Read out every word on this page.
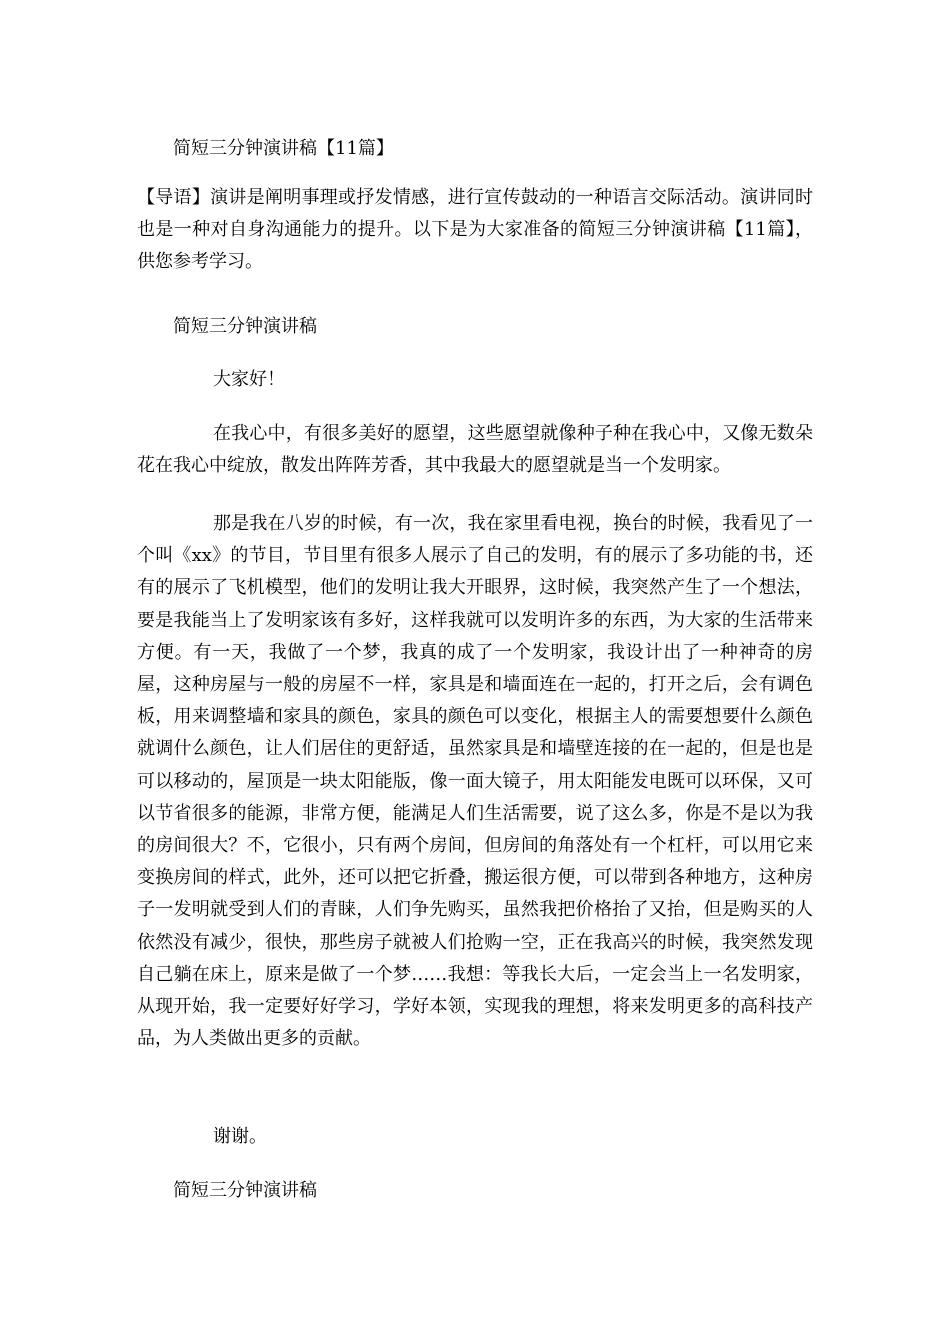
简短三分钟演讲稿【11篇】

【导语】演讲是阐明事理或抒发情感，进行宣传鼓动的一种语言交际活动。演讲同时也是一种对自身沟通能力的提升。以下是为大家准备的简短三分钟演讲稿【11篇】，供您参考学习。

简短三分钟演讲稿

大家好！

在我心中，有很多美好的愿望，这些愿望就像种子种在我心中，又像无数朵花在我心中绽放，散发出阵阵芳香，其中我最大的愿望就是当一个发明家。

那是我在八岁的时候，有一次，我在家里看电视，换台的时候，我看见了一个叫《xx》的节目，节目里有很多人展示了自己的发明，有的展示了多功能的书，还有的展示了飞机模型，他们的发明让我大开眼界，这时候，我突然产生了一个想法，要是我能当上了发明家该有多好，这样我就可以发明许多的东西，为大家的生活带来方便。有一天，我做了一个梦，我真的成了一个发明家，我设计出了一种神奇的房屋，这种房屋与一般的房屋不一样，家具是和墙面连在一起的，打开之后，会有调色板，用来调整墙和家具的颜色，家具的颜色可以变化，根据主人的需要想要什么颜色就调什么颜色，让人们居住的更舒适，虽然家具是和墙壁连接的在一起的，但是也是可以移动的，屋顶是一块太阳能版，像一面大镜子，用太阳能发电既可以环保，又可以节省很多的能源，非常方便，能满足人们生活需要，说了这么多，你是不是以为我的房间很大？不，它很小，只有两个房间，但房间的角落处有一个杠杆，可以用它来变换房间的样式，此外，还可以把它折叠，搬运很方便，可以带到各种地方，这种房子一发明就受到人们的青睐，人们争先购买，虽然我把价格抬了又抬，但是购买的人依然没有减少，很快，那些房子就被人们抢购一空，正在我高兴的时候，我突然发现自己躺在床上，原来是做了一个梦……我想：等我长大后，一定会当上一名发明家，从现开始，我一定要好好学习，学好本领，实现我的理想，将来发明更多的高科技产品，为人类做出更多的贡献。

谢谢。

简短三分钟演讲稿
